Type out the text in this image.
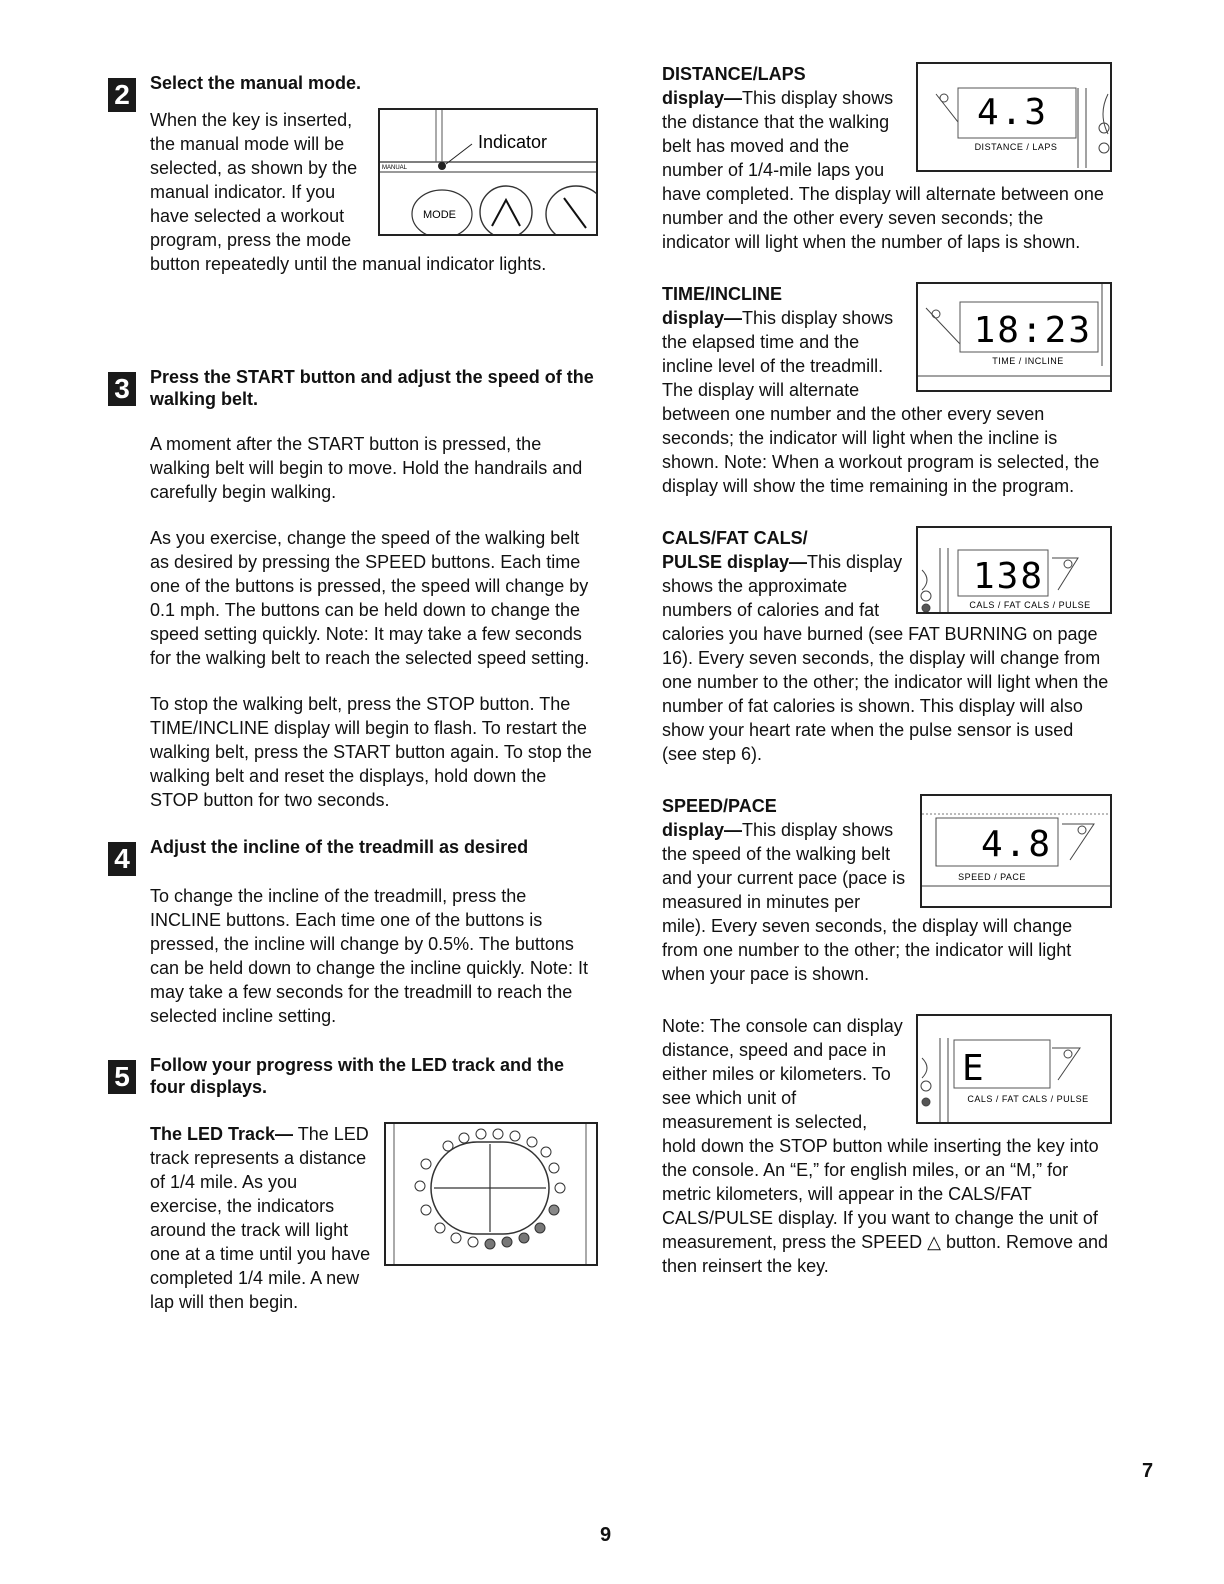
2	Select the manual mode.

MANUAL
Indicator
MODE

When the key is inserted, the manual mode will be selected, as shown by the manual indicator. If you have selected a workout program, press the mode button repeatedly until the manual indicator lights.

3	Press the START button and adjust the speed of the walking belt.

A moment after the START button is pressed, the walking belt will begin to move. Hold the handrails and carefully begin walking.

As you exercise, change the speed of the walking belt as desired by pressing the SPEED buttons. Each time one of the buttons is pressed, the speed will change by 0.1 mph. The buttons can be held down to change the speed setting quickly. Note: It may take a few seconds for the walking belt to reach the selected speed setting.

To stop the walking belt, press the STOP button. The TIME/INCLINE display will begin to flash. To restart the walking belt, press the START button again. To stop the walking belt and reset the displays, hold down the STOP button for two seconds.

4	Adjust the incline of the treadmill as desired

To change the incline of the treadmill, press the INCLINE buttons. Each time one of the buttons is pressed, the incline will change by 0.5%. The buttons can be held down to change the incline quickly. Note: It may take a few seconds for the treadmill to reach the selected incline setting.

5	Follow your progress with the LED track and the four displays.

The LED Track— The LED track represents a distance of 1/4 mile. As you exercise, the indicators around the track will light one at a time until you have completed 1/4 mile. A new lap will then begin.

4.3
DISTANCE / LAPS
DISTANCE/LAPS
display—This display shows the distance that the walking belt has moved and the number of 1/4-mile laps you have completed. The display will alternate between one number and the other every seven seconds; the indicator will light when the number of laps is shown.
18:23
TIME / INCLINE
TIME/INCLINE
display—This display shows the elapsed time and the incline level of the treadmill. The display will alternate between one number and the other every seven seconds; the indicator will light when the incline is shown. Note: When a workout program is selected, the display will show the time remaining in the program.
138
CALS / FAT CALS / PULSE
CALS/FAT CALS/
PULSE display—This display shows the approximate numbers of calories and fat calories you have burned (see FAT BURNING on page 16). Every seven seconds, the display will change from one number to the other; the indicator will light when the number of fat calories is shown. This display will also show your heart rate when the pulse sensor is used (see step 6).
4.8
SPEED / PACE
SPEED/PACE
display—This display shows the speed of the walking belt and your current pace (pace is measured in minutes per mile). Every seven seconds, the display will change from one number to the other; the indicator will light when your pace is shown.
E
CALS / FAT CALS / PULSE
Note: The console can display distance, speed and pace in either miles or kilometers. To see which unit of measurement is selected, hold down the STOP button while inserting the key into the console. An “E,” for english miles, or an “M,” for metric kilometers, will appear in the CALS/FAT CALS/PULSE display. If you want to change the unit of measurement, press the SPEED △ button. Remove and then reinsert the key.
9
7
